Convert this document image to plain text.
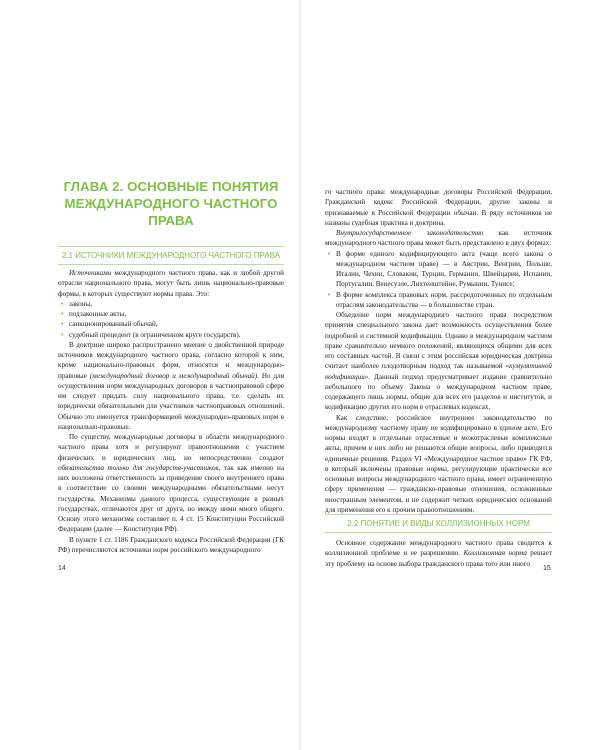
ГЛАВА 2. ОСНОВНЫЕ ПОНЯТИЯ МЕЖДУНАРОДНОГО ЧАСТНОГО ПРАВА
2.1 ИСТОЧНИКИ МЕЖДУНАРОДНОГО ЧАСТНОГО ПРАВА

Источниками международного частного права, как и любой другой отрасли национального права, могут быть лишь национально-правовые формы, в которых существуют нормы права. Это:

• законы,
• подзаконные акты,
• санкционированный обычай,
• судебный прецедент (в ограниченном круге государств).

В доктрине широко распространено мнение о двойственной природе источников международного частного права, согласно которой к ним, кроме национально-правовых форм, относятся и международно-правовые (международный договор и международный обычай). Но для осуществления норм международных договоров в частноправовой сфере им следует придать силу национального права, т.е. сделать их юридически обязательными для участников частноправовых отношений. Обычно это именуется трансформацией международно-правовых норм в национально-правовые.

По существу, международные договоры в области международного частного права хотя и регулируют правоотношения с участием физических и юридических лиц, но непосредственно создают обязательства только для государств-участников, так как именно на них возложена ответственность за приведение своего внутреннего права в соответствие со своими международными обязательствами несут государства. Механизмы данного процесса, существующие в разных государствах, отличаются друг от друга, но между ними много общего. Основу этого механизма составляет п. 4 ст. 15 Конституции Российской Федерации (далее — Конституция РФ).

В пункте 1 ст. 1186 Гражданского кодекса Российской Федерации (ГК РФ) перечисляются источники норм российского международного

го частного права: международные договоры Российской Федерации, Гражданский кодекс Российской Федерации, другие законы и признаваемые в Российской Федерации обычаи. В ряду источников не названы судебная практика и доктрина.

Внутригосударственное законодательство как источник международного частного права может быть представлено в двух формах:

• В форме единого кодифицирующего акта (чаще всего закона о международном частном праве) — в Австрии, Венгрии, Польше, Италии, Чехии, Словакии, Турции, Германии, Швейцарии, Испании, Португалии, Венесуэле, Лихтенштейне, Румынии, Тунисе;
• В форме комплекса правовых норм, рассредоточенных по отдельным отраслям законодательства — в большинстве стран.

Объедение норм международного частного права посредством принятия специального закона дает возможность осуществления более подробной и системной кодификации. Однако в международном частном праве сравнительно немного положений, являющихся общими для всех его составных частей. В связи с этим российская юридическая доктрина считает наиболее плодотворным подход так называемой «кумулятивной кодификации». Данный подход предусматривает издание сравнительно небольшого по объему Закона о международном частном праве, содержащего лишь нормы, общие для всех его разделов и институтов, и кодификацию других его норм в отраслевых кодексах.

Как следствие, российское внутреннее законодательство по международному частному праву не кодифицировано в едином акте. Его нормы входят в отдельные отраслевые и межотраслевые комплексные акты, причем в них либо не решаются общие вопросы, либо приводятся единичные решения. Раздел VI «Международное частное право» ГК РФ, в который включены правовые нормы, регулирующие практически все основные вопросы международного частного права, имеет ограниченную сферу применения — гражданско-правовые отношения, осложненные иностранным элементом, и не содержит четких юридических оснований для применения его к прочим правоотношениям.

2.2 ПОНЯТИЕ И ВИДЫ КОЛЛИЗИОННЫХ НОРМ

Основное содержание международного частного права сводится к коллизионной проблеме и ее разрешению. Коллизионная норма решает эту проблему на основе выбора гражданского права того или иного

14	15
